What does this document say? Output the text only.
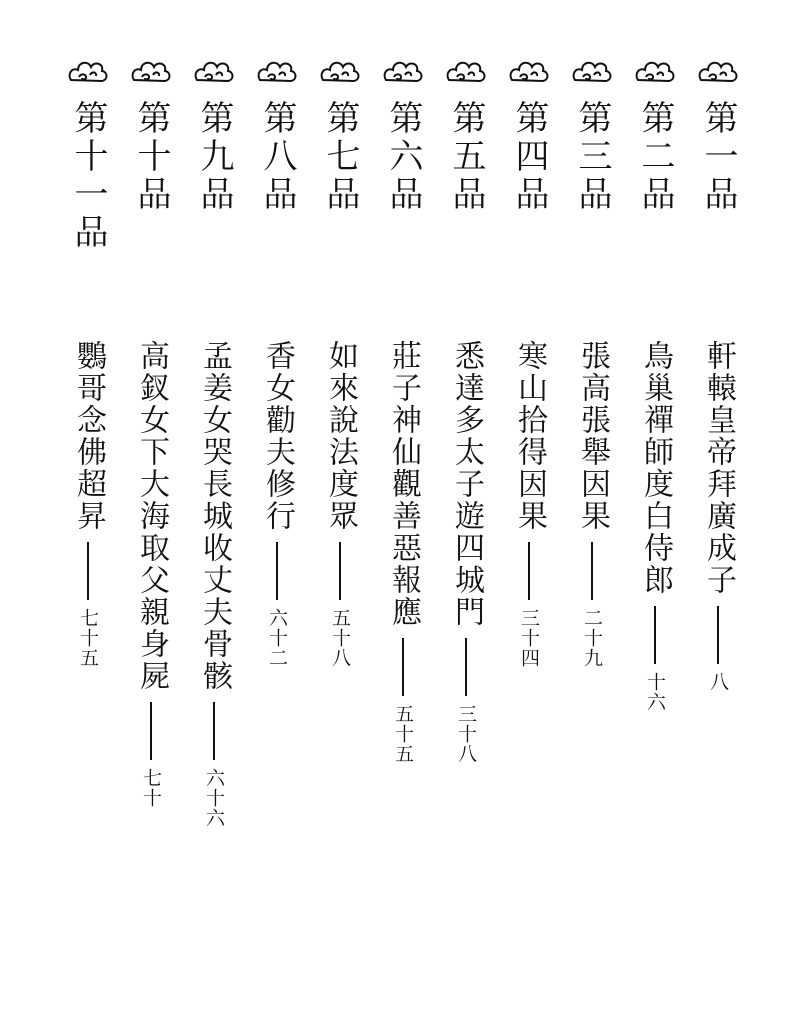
第一品
軒轅皇帝拜廣成子
八
第二品
鳥巢禪師度白侍郎
十六
第三品
張高張舉因果
二十九
第四品
寒山拾得因果
三十四
第五品
悉達多太子遊四城門
三十八
第六品
莊子神仙觀善惡報應
五十五
第七品
如來說法度眾
五十八
第八品
香女勸夫修行
六十二
第九品
孟姜女哭長城收丈夫骨骸
六十六
第十品
高釵女下大海取父親身屍
七十
第十一品
鸚哥念佛超昇
七十五
